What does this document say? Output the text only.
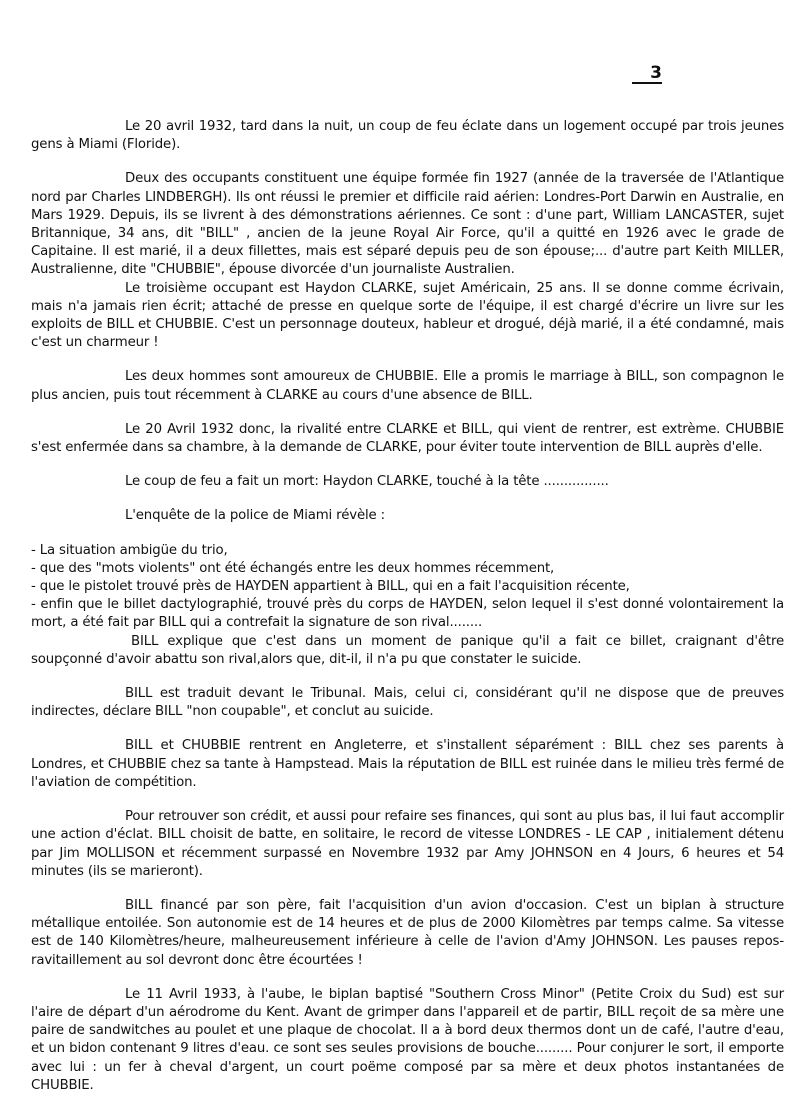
3

Le 20 avril 1932, tard dans la nuit, un coup de feu éclate dans un logement occupé par trois jeunes gens à Miami (Floride).

Deux des occupants constituent une équipe formée fin 1927 (année de la traversée de l'Atlantique nord par Charles LINDBERGH). Ils ont réussi le premier et difficile raid aérien: Londres-Port Darwin en Australie, en Mars 1929. Depuis, ils se livrent à des démonstrations aériennes. Ce sont : d'une part, William LANCASTER, sujet Britannique, 34 ans, dit "BILL" , ancien de la jeune Royal Air Force, qu'il a quitté en 1926 avec le grade de Capitaine. Il est marié, il a deux fillettes, mais est séparé depuis peu de son épouse;... d'autre part Keith MILLER, Australienne, dite "CHUBBIE", épouse divorcée d'un journaliste Australien.

Le troisième occupant est Haydon CLARKE, sujet Américain, 25 ans. Il se donne comme écrivain, mais n'a jamais rien écrit; attaché de presse en quelque sorte de l'équipe, il est chargé d'écrire un livre sur les exploits de BILL et CHUBBIE. C'est un personnage douteux, hableur et drogué, déjà marié, il a été condamné, mais c'est un charmeur !

Les deux hommes sont amoureux de CHUBBIE. Elle a promis le marriage à BILL, son compagnon le plus ancien, puis tout récemment à CLARKE au cours d'une absence de BILL.

Le 20 Avril 1932 donc, la rivalité entre CLARKE et BILL, qui vient de rentrer, est extrème. CHUBBIE s'est enfermée dans sa chambre, à la demande de CLARKE, pour éviter toute intervention de BILL auprès d'elle.

Le coup de feu a fait un mort: Haydon CLARKE, touché à la tête ................

L'enquête de la police de Miami révèle :

- La situation ambigüe du trio,
- que des "mots violents" ont été échangés entre les deux hommes récemment,
- que le pistolet trouvé près de HAYDEN appartient à BILL, qui en a fait l'acquisition récente,
- enfin que le billet dactylographié, trouvé près du corps de HAYDEN, selon lequel il s'est donné volontairement la mort, a été fait par BILL qui a contrefait la signature de son rival........

BILL explique que c'est dans un moment de panique qu'il a fait ce billet, craignant d'être soupçonné d'avoir abattu son rival,alors que, dit-il, il n'a pu que constater le suicide.

BILL est traduit devant le Tribunal. Mais, celui ci, considérant qu'il ne dispose que de preuves indirectes, déclare BILL "non coupable", et conclut au suicide.

BILL et CHUBBIE rentrent en Angleterre, et s'installent séparément : BILL chez ses parents à Londres, et CHUBBIE chez sa tante à Hampstead. Mais la réputation de BILL est ruinée dans le milieu très fermé de l'aviation de compétition.

Pour retrouver son crédit, et aussi pour refaire ses finances, qui sont au plus bas, il lui faut accomplir une action d'éclat. BILL choisit de batte, en solitaire, le record de vitesse LONDRES - LE CAP , initialement détenu par Jim MOLLISON et récemment surpassé en Novembre 1932 par Amy JOHNSON en 4 Jours, 6 heures et 54 minutes (ils se marieront).

BILL financé par son père, fait l'acquisition d'un avion d'occasion. C'est un biplan à structure métallique entoilée. Son autonomie est de 14 heures et de plus de 2000 Kilomètres par temps calme. Sa vitesse est de 140 Kilomètres/heure, malheureusement inférieure à celle de l'avion d'Amy JOHNSON. Les pauses repos-ravitaillement au sol devront donc être écourtées !

Le 11 Avril 1933, à l'aube, le biplan baptisé "Southern Cross Minor" (Petite Croix du Sud) est sur l'aire de départ d'un aérodrome du Kent. Avant de grimper dans l'appareil et de partir, BILL reçoit de sa mère une paire de sandwitches au poulet et une plaque de chocolat. Il a à bord deux thermos dont un de café, l'autre d'eau, et un bidon contenant 9 litres d'eau. ce sont ses seules provisions de bouche......... Pour conjurer le sort, il emporte avec lui : un fer à cheval d'argent, un court poëme composé par sa mère et deux photos instantanées de CHUBBIE.
